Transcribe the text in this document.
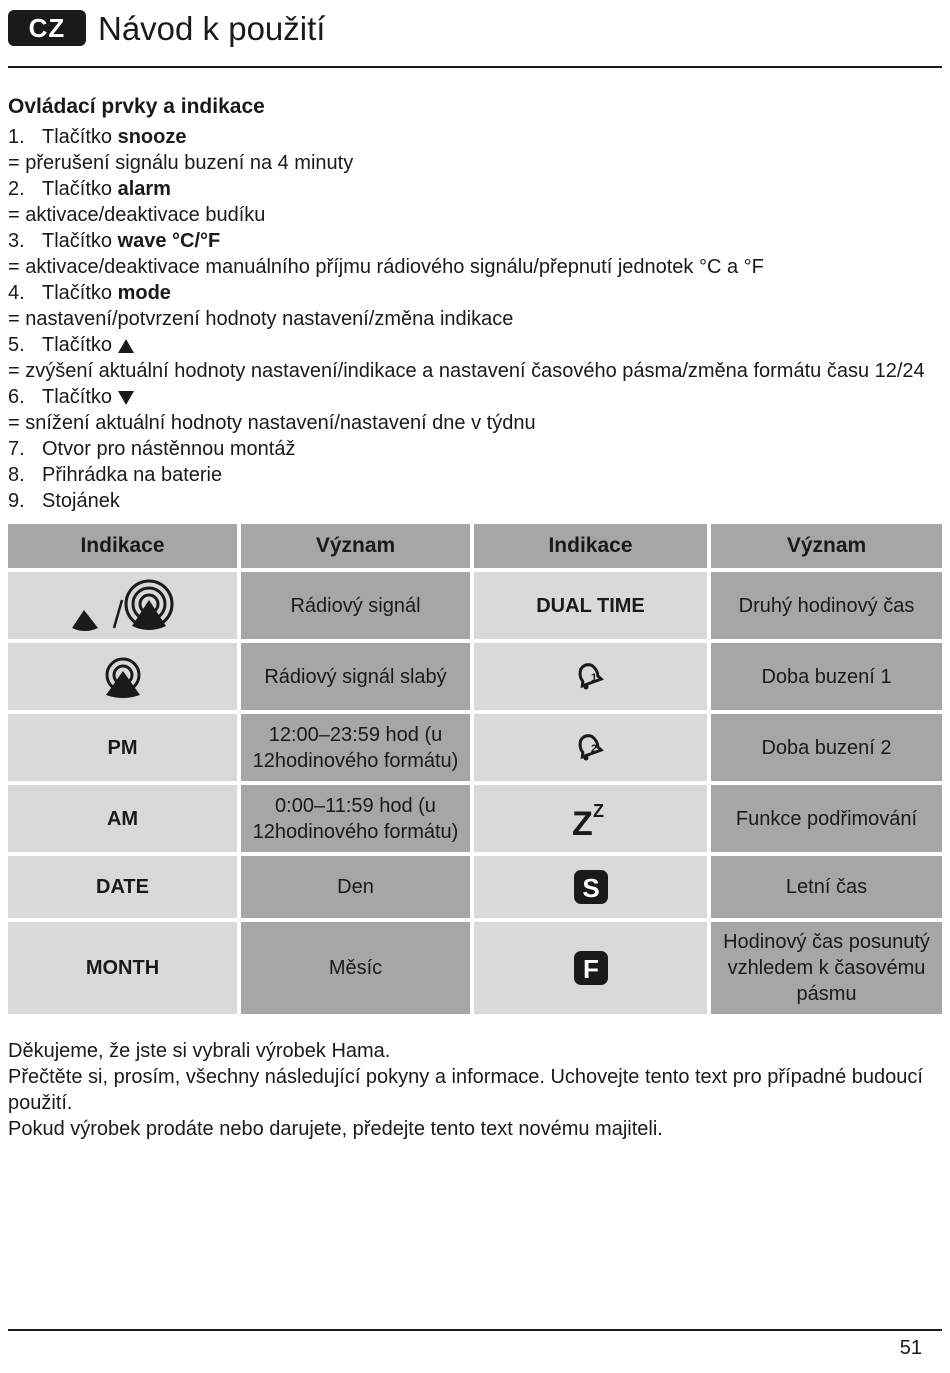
CZ Návod k použití
Ovládací prvky a indikace
1. Tlačítko snooze
= přerušení signálu buzení na 4 minuty
2. Tlačítko alarm
= aktivace/deaktivace budíku
3. Tlačítko wave °C/°F
= aktivace/deaktivace manuálního příjmu rádiového signálu/přepnutí jednotek °C a °F
4. Tlačítko mode
= nastavení/potvrzení hodnoty nastavení/změna indikace
5. Tlačítko
= zvýšení aktuální hodnoty nastavení/indikace a nastavení časového pásma/změna formátu času 12/24
6. Tlačítko
= snížení aktuální hodnoty nastavení/nastavení dne v týdnu
7. Otvor pro nástěnnou montáž
8. Přihrádka na baterie
9. Stojánek
Indikace	Význam	Indikace	Význam
	Rádiový signál	DUAL TIME	Druhý hodinový čas
	Rádiový signál slabý	1	Doba buzení 1
PM	12:00–23:59 hod (u 12hodinového formátu)	2	Doba buzení 2
AM	0:00–11:59 hod (u 12hodinového formátu)	Z Z	Funkce podřimování
DATE	Den	S	Letní čas
MONTH	Měsíc	F	Hodinový čas posunutý vzhledem k časovému pásmu
Děkujeme, že jste si vybrali výrobek Hama.
Přečtěte si, prosím, všechny následující pokyny a informace. Uchovejte tento text pro případné budoucí použití.
Pokud výrobek prodáte nebo darujete, předejte tento text novému majiteli.
51
